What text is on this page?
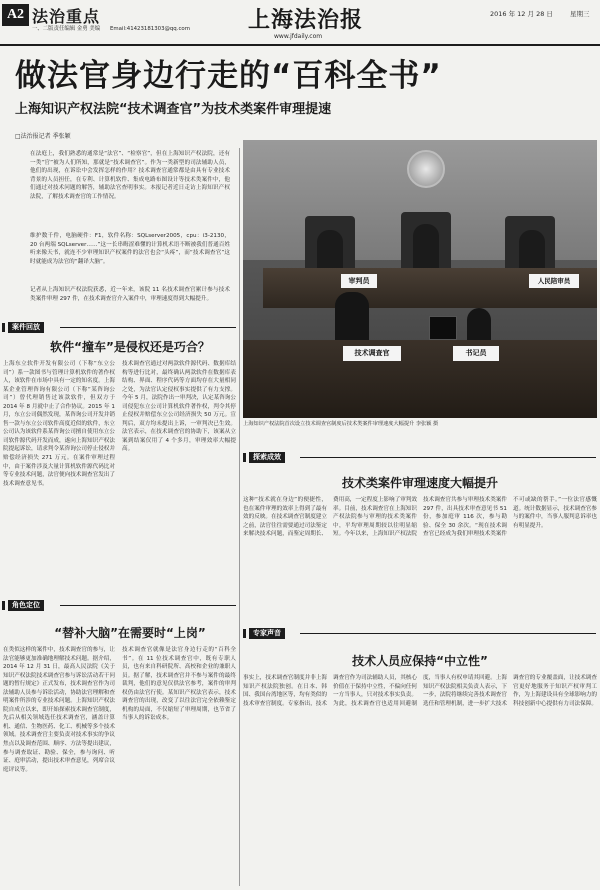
A2 法治重点
一、二版责任编辑 金勇 美编 Email:41423181303@qq.com	上海法治报	2016 年 12 月 28 日	星期三
www.jfdaily.com
做法官身边行走的“百科全书”
上海知识产权法院“技术调查官”为技术类案件审理提速
□法治报记者 季张颖
在法庭上，我们熟悉的通常是“法官”、“检察官”，但在上海知识产权法院，还有一类“官”被为人们所知，那就是“技术调查官”。作为一类新型的司法辅助人员，他们的出现，在诉讼中会发挥怎样的作用？技术调查官通常都是由具有专业技术背景的人员担任，在专利、计算机软件、集成电路布图设计等技术类案件中，他们通过对技术问题的解答，辅助法官查明事实。本报记者近日走访上海知识产权法院，了解技术调查官的工作情况。
维护数千件，电脑硬件：F1，软件名称：SQLserver2005，cpu：i3-2130，20 台两端 SQLserver……”这一长串晦涩难懂的计算机术语不断被我们普通百姓听来像天书，就连不少审理知识产权案件的法官也会“头疼”，而“技术调查官”这时就能成为法官的“翻译大脑”。
记者从上海知识产权法院获悉，近一年来，该院 11 名技术调查官累计参与技术类案件审理 297 件，在技术调查官介入案件中，审理速度得到大幅提升。
审判员	人民陪审员
技术调查官	书记员
上海知识产权法院首次设立技术调查官制度后技术类案件审理速度大幅提升 李张颖 摄
案件回放
软件“撞车”是侵权还是巧合？
上海东立软件开发有限公司（下称“东立公司”）系一款图书与管理计算机软件的著作权人，该软件在市场中具有一定的知名度。上海某企业管理咨询有限公司（下称“某咨询公司”）曾代理销售过该款软件，但双方于 2014 年 8 月就中止了合作协议。2015 年 1 月，东立公司偶然发现，某咨询公司开发并销售一款与东立公司软件高度近似的软件，东立公司认为该软件系某咨询公司擅自使用东立公司软件源代码开发而成，遂向上海知识产权法院提起诉讼，请求判令某咨询公司停止侵权并赔偿经济损失 271 万元。在案件审理过程中，由于案件涉及大量计算机软件源代码比对等专业技术问题，法官便向技术调查官发出了技术调查意见书。
技术调查官通过对两款软件源代码、数据库结构等进行比对，最终确认两款软件在数据库表结构、界面、程序代码等方面均存在大量相同之处，为法官认定侵权事实提供了有力支撑。今年 5 月，法院作出一审判决，认定某咨询公司侵犯东立公司计算机软件著作权，判令其停止侵权并赔偿东立公司经济损失 50 万元。宣判后，双方均未提出上诉，一审判决已生效。法官表示，在技术调查官的协助下，该案从立案到结案仅用了 4 个多月，审理效率大幅提高。
角色定位
“替补大脑”在需要时“上岗”
在类似这样的案件中，技术调查官的参与，让法官能够更加准确地理解技术问题。据介绍，2014 年 12 月 31 日，最高人民法院《关于知识产权法院技术调查官参与诉讼活动若干问题的暂行规定》正式发布，技术调查官作为司法辅助人员参与诉讼活动，协助法官理解和查明案件所涉的专业技术问题。上海知识产权法院自成立以来，即开始探索技术调查官制度，先后从相关领域选任技术调查官，涵盖计算机、通信、生物医药、化工、机械等多个技术领域。技术调查官主要负责对技术事实的争议焦点以及调查范围、顺序、方法等提出建议，参与调查取证、勘验、保全，参与询问、听证、庭审活动，提出技术审查意见，列席合议庭评议等。
技术调查官就像是法官身边行走的“百科全书”。在 11 位技术调查官中，既有专职人员，也有来自科研院所、高校和企业的兼职人员。据了解，技术调查官并不参与案件的最终裁判，他们的意见仅供法官参考，案件的审判权仍由法官行使。某知识产权法官表示，技术调查官的出现，改变了以往法官完全依赖鉴定机构的局面，不仅缩短了审理周期，也节省了当事人的诉讼成本。
探索成效
技术类案件审理速度大幅提升
这种“技术就在身边”的便捷性，也在案件审理的效率上得到了最有效的反映。在技术调查官制度建立之前，法官往往需要通过司法鉴定来解决技术问题，而鉴定周期长、费用高，一定程度上影响了审判效率。目前，技术调查官在上海知识产权法院参与审理的技术类案件中，平均审理周期较以往明显缩短。今年以来，上海知识产权法院技术调查官共参与审理技术类案件 297 件，出具技术审查意见书 51 份，参加庭审 116 次，参与勘验、保全 30 余次。“现在技术调查官已经成为我们审理技术类案件不可或缺的帮手。”一位法官感慨道。统计数据显示，技术调查官参与的案件中，当事人服判息诉率也有明显提升。
专家声音
技术人员应保持“中立性”
事实上，技术调查官制度并非上海知识产权法院独创。在日本、韩国、我国台湾地区等，均有类似的技术审查官制度。专家指出，技术调查官作为司法辅助人员，其核心价值在于保持中立性，不偏向任何一方当事人，只对技术事实负责。为此，技术调查官也适用回避制度，当事人有权申请其回避。上海知识产权法院相关负责人表示，下一步，法院将继续完善技术调查官选任和管理机制，进一步扩大技术调查官的专业覆盖面，让技术调查官更好地服务于知识产权审判工作，为上海建设具有全球影响力的科技创新中心提供有力司法保障。
